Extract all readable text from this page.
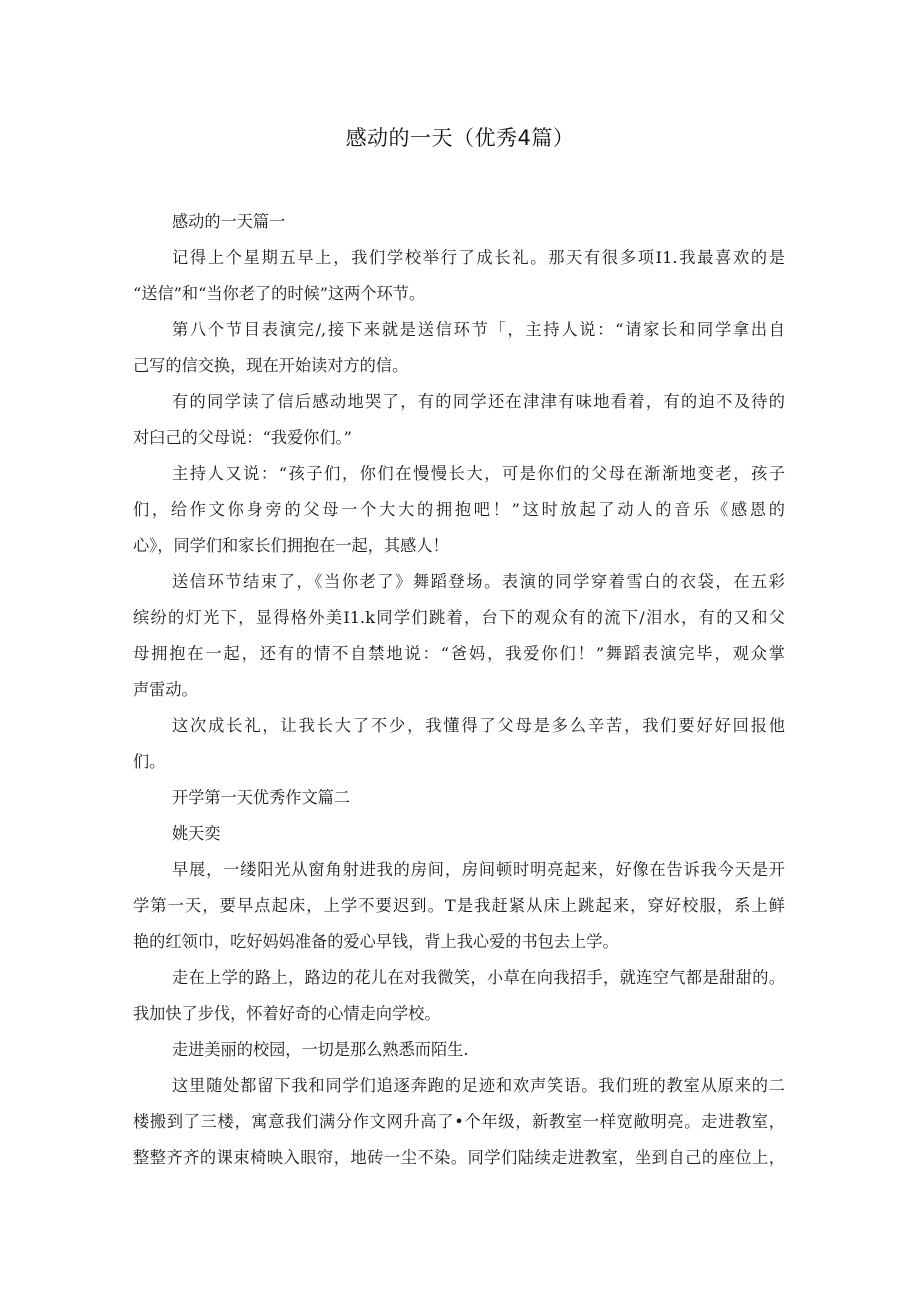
感动的一天（优秀4篇）
感动的一天篇一
记得上个星期五早上，我们学校举行了成长礼。那天有很多项I1.我最喜欢的是
“送信”和“当你老了的时候”这两个环节。
第八个节目表演完/,接下来就是送信环节「，主持人说：“请家长和同学拿出自
己写的信交换，现在开始读对方的信。
有的同学读了信后感动地哭了，有的同学还在津津有味地看着，有的迫不及待的
对臼己的父母说：“我爱你们。”
主持人又说：“孩子们，你们在慢慢长大，可是你们的父母在渐渐地变老，孩子
们，给作文你身旁的父母一个大大的拥抱吧！”这时放起了动人的音乐《感恩的
心》，同学们和家长们拥抱在一起，其感人！
送信环节结束了，《当你老了》舞蹈登场。表演的同学穿着雪白的衣袋，在五彩
缤纷的灯光下，显得格外美I1.k同学们跳着，台下的观众有的流下/泪水，有的又和父
母拥抱在一起，还有的情不自禁地说：“爸妈，我爱你们！”舞蹈表演完毕，观众掌
声雷动。
这次成长礼，让我长大了不少，我懂得了父母是多么辛苦，我们要好好回报他
们。
开学第一天优秀作文篇二
姚天奕
早展，一缕阳光从窗角射进我的房间，房间顿时明亮起来，好像在告诉我今天是开
学第一天，要早点起床，上学不要迟到。T是我赶紧从床上跳起来，穿好校服，系上鲜
艳的红领巾，吃好妈妈准备的爱心早钱，背上我心爱的书包去上学。
走在上学的路上，路边的花儿在对我微笑，小草在向我招手，就连空气都是甜甜的。
我加快了步伐，怀着好奇的心情走向学校。
走进美丽的校园，一切是那么熟悉而陌生.
这里随处都留下我和同学们追逐奔跑的足迹和欢声笑语。我们班的教室从原来的二
楼搬到了三楼，寓意我们满分作文网升高了•个年级，新教室一样宽敞明亮。走进教室，
整整齐齐的课束椅映入眼帘，地砖一尘不染。同学们陆续走进教室，坐到自己的座位上，
